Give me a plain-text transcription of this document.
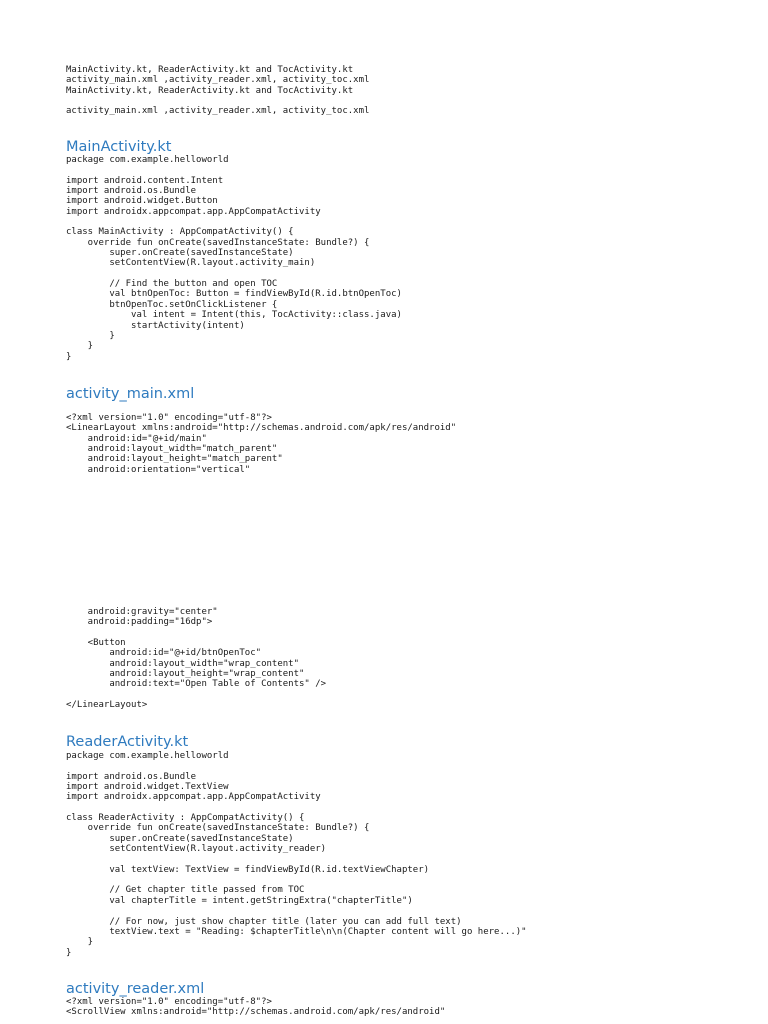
MainActivity.kt, ReaderActivity.kt and TocActivity.kt
activity_main.xml ,activity_reader.xml, activity_toc.xml
MainActivity.kt, ReaderActivity.kt and TocActivity.kt
activity_main.xml ,activity_reader.xml, activity_toc.xml
MainActivity.kt
package com.example.helloworld

import android.content.Intent
import android.os.Bundle
import android.widget.Button
import androidx.appcompat.app.AppCompatActivity

class MainActivity : AppCompatActivity() {
override fun onCreate(savedInstanceState: Bundle?) {
super.onCreate(savedInstanceState)
setContentView(R.layout.activity_main)

// Find the button and open TOC
val btnOpenToc: Button = findViewById(R.id.btnOpenToc)
btnOpenToc.setOnClickListener {
val intent = Intent(this, TocActivity::class.java)
startActivity(intent)
}
}
}
activity_main.xml
<?xml version="1.0" encoding="utf-8"?>
<LinearLayout xmlns:android="http://schemas.android.com/apk/res/android"
android:id="@+id/main"
android:layout_width="match_parent"
android:layout_height="match_parent"
android:orientation="vertical"
android:gravity="center"
android:padding="16dp">

<Button
android:id="@+id/btnOpenToc"
android:layout_width="wrap_content"
android:layout_height="wrap_content"
android:text="Open Table of Contents" />

</LinearLayout>
ReaderActivity.kt
package com.example.helloworld

import android.os.Bundle
import android.widget.TextView
import androidx.appcompat.app.AppCompatActivity

class ReaderActivity : AppCompatActivity() {
override fun onCreate(savedInstanceState: Bundle?) {
super.onCreate(savedInstanceState)
setContentView(R.layout.activity_reader)

val textView: TextView = findViewById(R.id.textViewChapter)

// Get chapter title passed from TOC
val chapterTitle = intent.getStringExtra("chapterTitle")

// For now, just show chapter title (later you can add full text)
textView.text = "Reading: $chapterTitle\n\n(Chapter content will go here...)"
}
}
activity_reader.xml
<?xml version="1.0" encoding="utf-8"?>
<ScrollView xmlns:android="http://schemas.android.com/apk/res/android"
